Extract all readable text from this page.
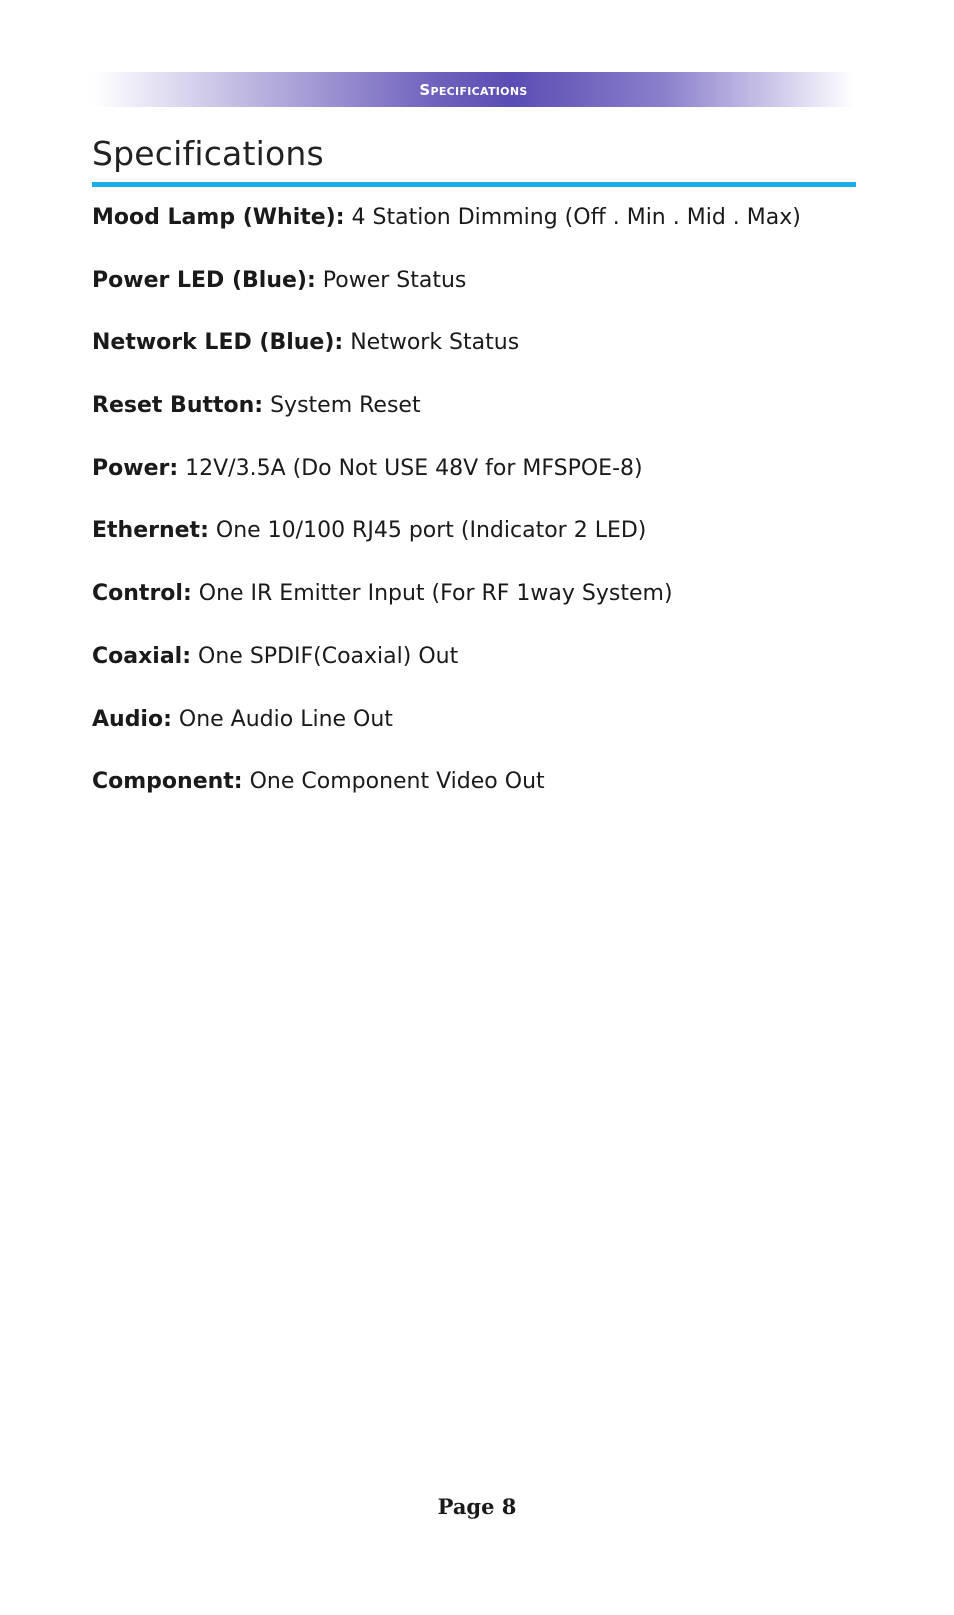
Specifications
Specifications
Mood Lamp (White): 4 Station Dimming (Off . Min . Mid . Max)
Power LED (Blue): Power Status
Network LED (Blue): Network Status
Reset Button: System Reset
Power: 12V/3.5A (Do Not USE 48V for MFSPOE-8)
Ethernet: One 10/100 RJ45 port (Indicator 2 LED)
Control: One IR Emitter Input (For RF 1way System)
Coaxial: One SPDIF(Coaxial) Out
Audio: One Audio Line Out
Component: One Component Video Out
Page 8
